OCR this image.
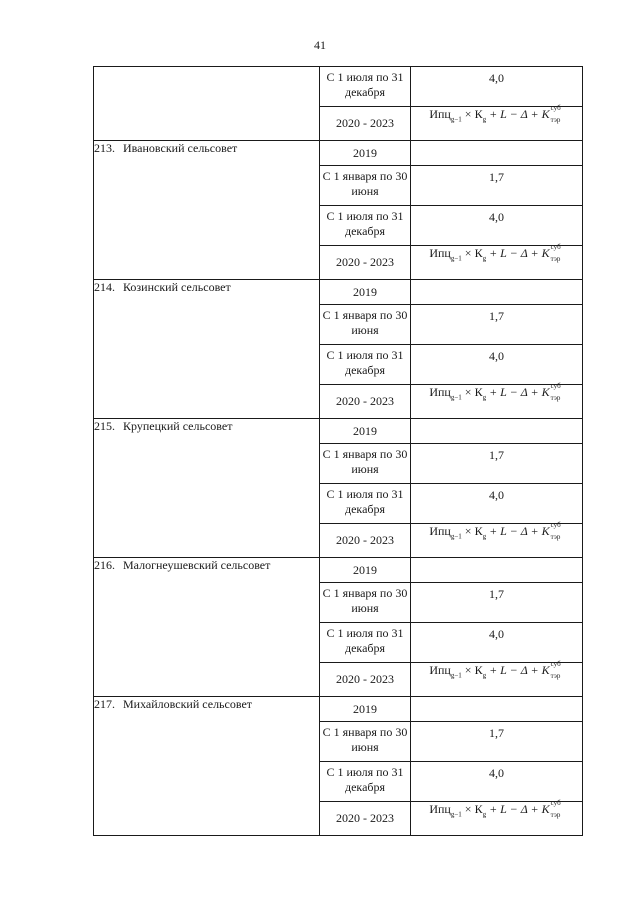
41

	С 1 июля по 31 декабря	4,0

	2020 - 2023	$Ипц_{g-1} \times К_g + L - \Delta + K$ суб
тэр

213. Ивановский сельсовет	2019	

	С 1 января по 30 июня	1,7

	С 1 июля по 31 декабря	4,0

	2020 - 2023	$Ипц_{g-1} \times К_g + L - \Delta + K$ суб
тэр

214. Козинский сельсовет	2019	

	С 1 января по 30 июня	1,7

	С 1 июля по 31 декабря	4,0

	2020 - 2023	$Ипц_{g-1} \times К_g + L - \Delta + K$ суб
тэр

215. Крупецкий сельсовет	2019	

	С 1 января по 30 июня	1,7

	С 1 июля по 31 декабря	4,0

	2020 - 2023	$Ипц_{g-1} \times К_g + L - \Delta + K$ суб
тэр

216. Малогнеушевский сельсовет	2019	

	С 1 января по 30 июня	1,7

	С 1 июля по 31 декабря	4,0

	2020 - 2023	$Ипц_{g-1} \times К_g + L - \Delta + K$ суб
тэр

217. Михайловский сельсовет	2019	

	С 1 января по 30 июня	1,7

	С 1 июля по 31 декабря	4,0

	2020 - 2023	$Ипц_{g-1} \times К_g + L - \Delta + K$ суб
тэр
